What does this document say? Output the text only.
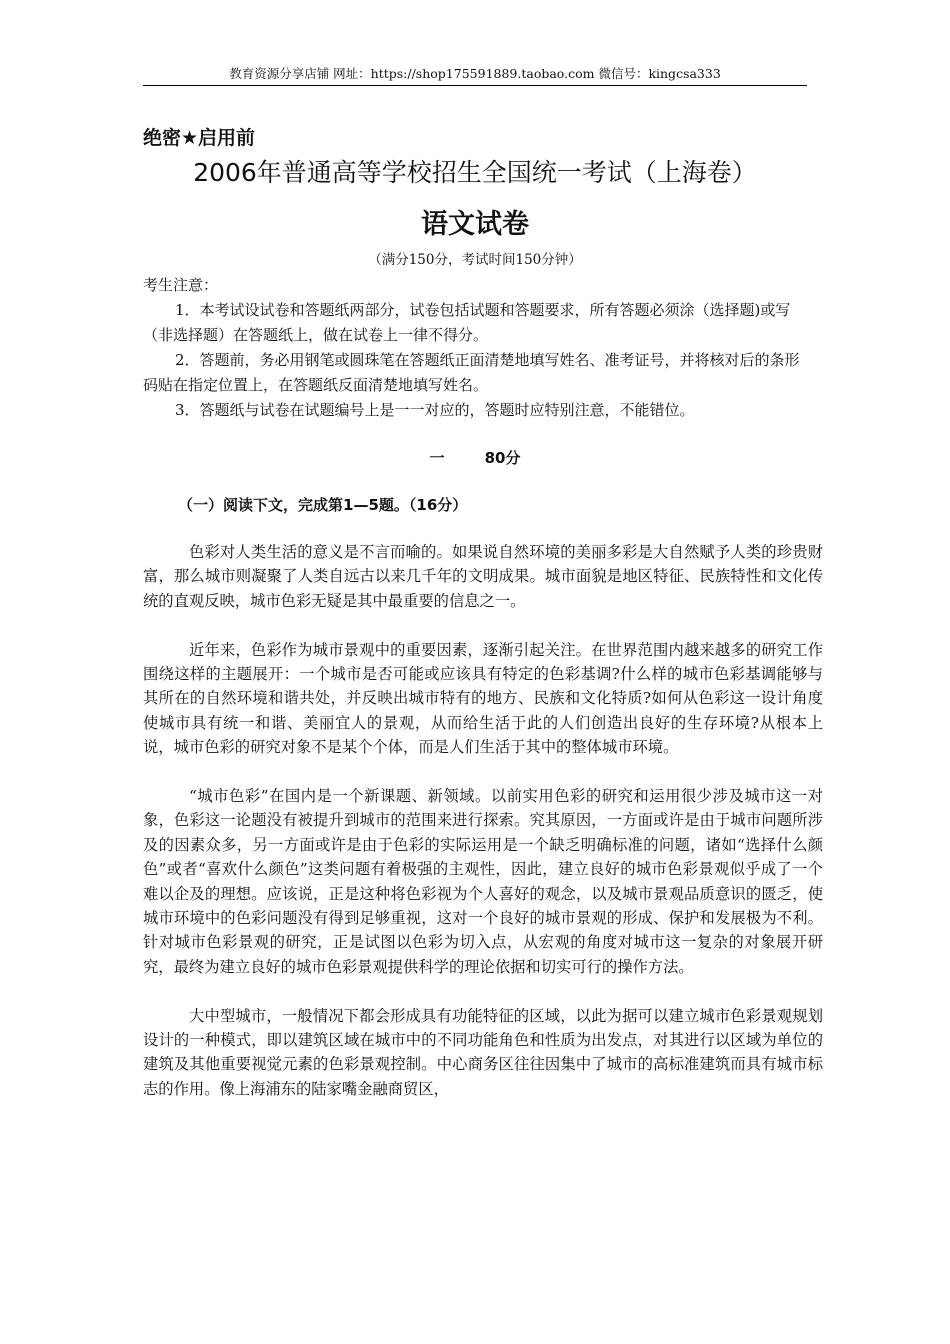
教育资源分享店铺 网址：https://shop175591889.taobao.com 微信号：kingcsa333
绝密★启用前
2006年普通高等学校招生全国统一考试（上海卷）
语文试卷
（满分150分，考试时间150分钟）

考生注意：

1．本考试设试卷和答题纸两部分，试卷包括试题和答题要求，所有答题必须涂（选择题)或写（非选择题）在答题纸上，做在试卷上一律不得分。

2．答题前，务必用钢笔或圆珠笔在答题纸正面清楚地填写姓名、准考证号，并将核对后的条形码贴在指定位置上，在答题纸反面清楚地填写姓名。

3．答题纸与试卷在试题编号上是一一对应的，答题时应特别注意，不能错位。

一	80分
（一）阅读下文，完成第1—5题。（16分）

色彩对人类生活的意义是不言而喻的。如果说自然环境的美丽多彩是大自然赋予人类的珍贵财富，那么城市则凝聚了人类自远古以来几千年的文明成果。城市面貌是地区特征、民族特性和文化传统的直观反映，城市色彩无疑是其中最重要的信息之一。

近年来，色彩作为城市景观中的重要因素，逐渐引起关注。在世界范围内越来越多的研究工作围绕这样的主题展开：一个城市是否可能或应该具有特定的色彩基调?什么样的城市色彩基调能够与其所在的自然环境和谐共处，并反映出城市特有的地方、民族和文化特质?如何从色彩这一设计角度使城市具有统一和谐、美丽宜人的景观，从而给生活于此的人们创造出良好的生存环境?从根本上说，城市色彩的研究对象不是某个个体，而是人们生活于其中的整体城市环境。

“城市色彩”在国内是一个新课题、新领域。以前实用色彩的研究和运用很少涉及城市这一对象，色彩这一论题没有被提升到城市的范围来进行探索。究其原因，一方面或许是由于城市问题所涉及的因素众多，另一方面或许是由于色彩的实际运用是一个缺乏明确标准的问题，诸如“选择什么颜色”或者“喜欢什么颜色”这类问题有着极强的主观性，因此，建立良好的城市色彩景观似乎成了一个难以企及的理想。应该说，正是这种将色彩视为个人喜好的观念，以及城市景观品质意识的匮乏，使城市环境中的色彩问题没有得到足够重视，这对一个良好的城市景观的形成、保护和发展极为不利。针对城市色彩景观的研究，正是试图以色彩为切入点，从宏观的角度对城市这一复杂的对象展开研究，最终为建立良好的城市色彩景观提供科学的理论依据和切实可行的操作方法。

大中型城市，一般情况下都会形成具有功能特征的区域，以此为据可以建立城市色彩景观规划设计的一种模式，即以建筑区域在城市中的不同功能角色和性质为出发点，对其进行以区域为单位的建筑及其他重要视觉元素的色彩景观控制。中心商务区往往因集中了城市的高标准建筑而具有城市标志的作用。像上海浦东的陆家嘴金融商贸区，
